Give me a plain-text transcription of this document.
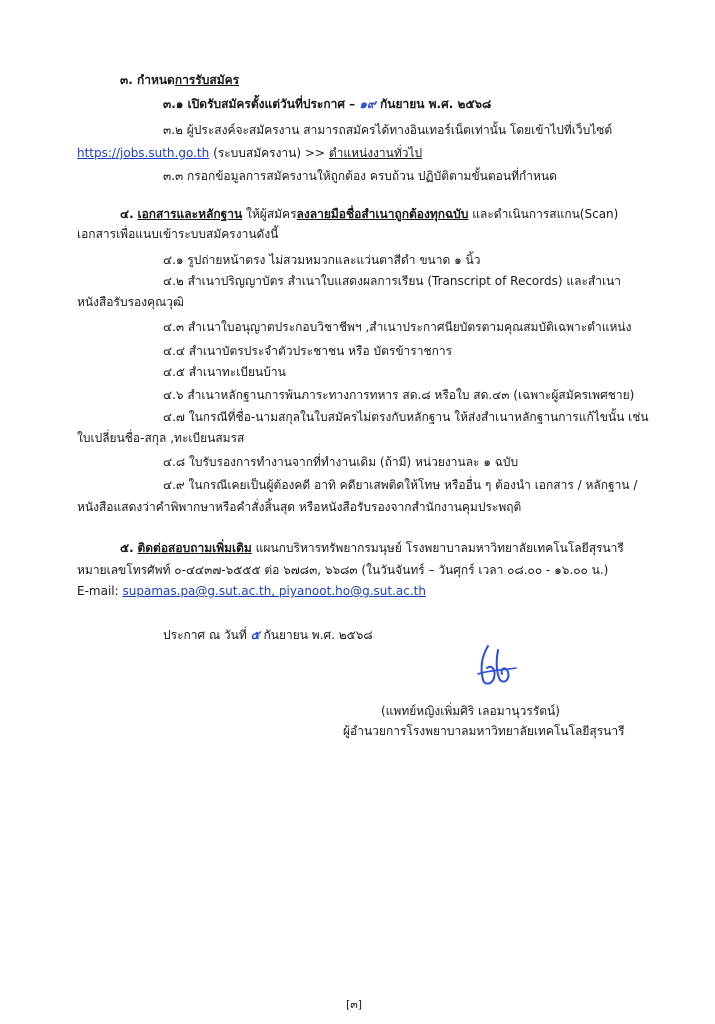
๓. กำหนดการรับสมัคร
๓.๑ เปิดรับสมัครตั้งแต่วันที่ประกาศ – ๑๙ กันยายน พ.ศ. ๒๕๖๘
๓.๒ ผู้ประสงค์จะสมัครงาน สามารถสมัครได้ทางอินเทอร์เน็ตเท่านั้น โดยเข้าไปที่เว็บไซต์
https://jobs.suth.go.th (ระบบสมัครงาน) >> ตำแหน่งงานทั่วไป
๓.๓ กรอกข้อมูลการสมัครงานให้ถูกต้อง ครบถ้วน ปฏิบัติตามขั้นตอนที่กำหนด
๔. เอกสารและหลักฐาน ให้ผู้สมัครลงลายมือชื่อสำเนาถูกต้องทุกฉบับ และดำเนินการสแกน(Scan)
เอกสารเพื่อแนบเข้าระบบสมัครงานดังนี้
๔.๑ รูปถ่ายหน้าตรง ไม่สวมหมวกและแว่นตาสีดำ ขนาด ๑ นิ้ว
๔.๒ สำเนาปริญญาบัตร สำเนาใบแสดงผลการเรียน (Transcript of Records) และสำเนา
หนังสือรับรองคุณวุฒิ
๔.๓ สำเนาใบอนุญาตประกอบวิชาชีพฯ ,สำเนาประกาศนียบัตรตามคุณสมบัติเฉพาะตำแหน่ง
๔.๔ สำเนาบัตรประจำตัวประชาชน หรือ บัตรข้าราชการ
๔.๕ สำเนาทะเบียนบ้าน
๔.๖ สำเนาหลักฐานการพ้นภาระทางการทหาร สด.๘ หรือใบ สด.๔๓ (เฉพาะผู้สมัครเพศชาย)
๔.๗ ในกรณีที่ชื่อ-นามสกุลในใบสมัครไม่ตรงกับหลักฐาน ให้ส่งสำเนาหลักฐานการแก้ไขนั้น เช่น
ใบเปลี่ยนชื่อ-สกุล ,ทะเบียนสมรส
๔.๘ ใบรับรองการทำงานจากที่ทำงานเดิม (ถ้ามี) หน่วยงานละ ๑ ฉบับ
๔.๙ ในกรณีเคยเป็นผู้ต้องคดี อาทิ คดียาเสพติดให้โทษ หรืออื่น ๆ ต้องนำ เอกสาร / หลักฐาน /
หนังสือแสดงว่าคำพิพากษาหรือคำสั่งสิ้นสุด หรือหนังสือรับรองจากสำนักงานคุมประพฤติ
๕. ติดต่อสอบถามเพิ่มเติม แผนกบริหารทรัพยากรมนุษย์ โรงพยาบาลมหาวิทยาลัยเทคโนโลยีสุรนารี
หมายเลขโทรศัพท์ ๐-๔๔๓๗-๖๕๕๕ ต่อ ๖๗๘๓, ๖๖๘๓ (ในวันจันทร์ – วันศุกร์ เวลา ๐๘.๐๐ - ๑๖.๐๐ น.)
E-mail: supamas.pa@g.sut.ac.th, piyanoot.ho@g.sut.ac.th
ประกาศ ณ วันที่ ๕ กันยายน พ.ศ. ๒๕๖๘
(แพทย์หญิงเพิ่มศิริ เลอมานุวรรัตน์)
ผู้อำนวยการโรงพยาบาลมหาวิทยาลัยเทคโนโลยีสุรนารี
[๓]
